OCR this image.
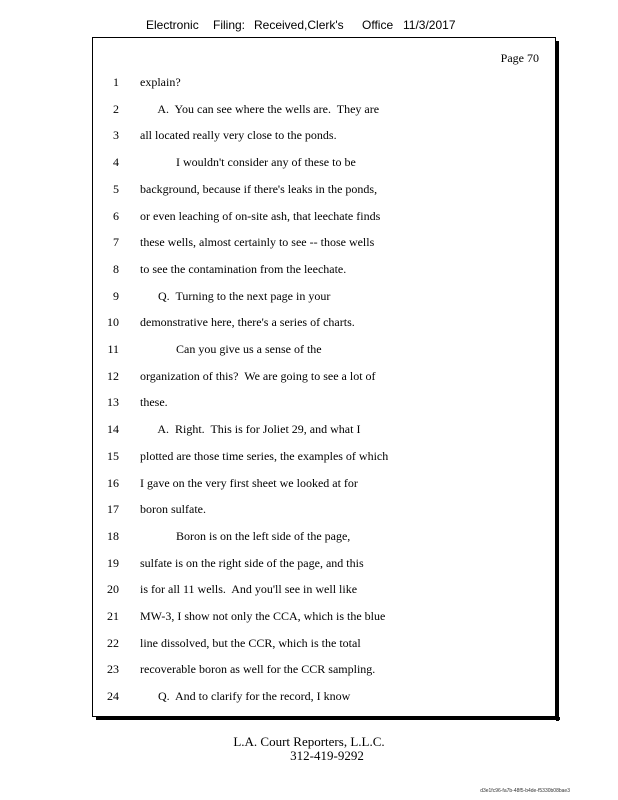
Electronic Filing: Received,Clerk's Office 11/3/2017
Page 70
1 explain?
2 A.  You can see where the wells are.  They are
3 all located really very close to the ponds.
4 I wouldn't consider any of these to be
5 background, because if there's leaks in the ponds,
6 or even leaching of on-site ash, that leechate finds
7 these wells, almost certainly to see -- those wells
8 to see the contamination from the leechate.
9 Q.  Turning to the next page in your
10 demonstrative here, there's a series of charts.
11 Can you give us a sense of the
12 organization of this?  We are going to see a lot of
13 these.
14 A.  Right.  This is for Joliet 29, and what I
15 plotted are those time series, the examples of which
16 I gave on the very first sheet we looked at for
17 boron sulfate.
18 Boron is on the left side of the page,
19 sulfate is on the right side of the page, and this
20 is for all 11 wells.  And you'll see in well like
21 MW-3, I show not only the CCA, which is the blue
22 line dissolved, but the CCR, which is the total
23 recoverable boron as well for the CCR sampling.
24 Q.  And to clarify for the record, I know
L.A. Court Reporters, L.L.C.
312-419-9292
d3e1fc96-fa7b-48f5-b4de-f5330b08bae3
